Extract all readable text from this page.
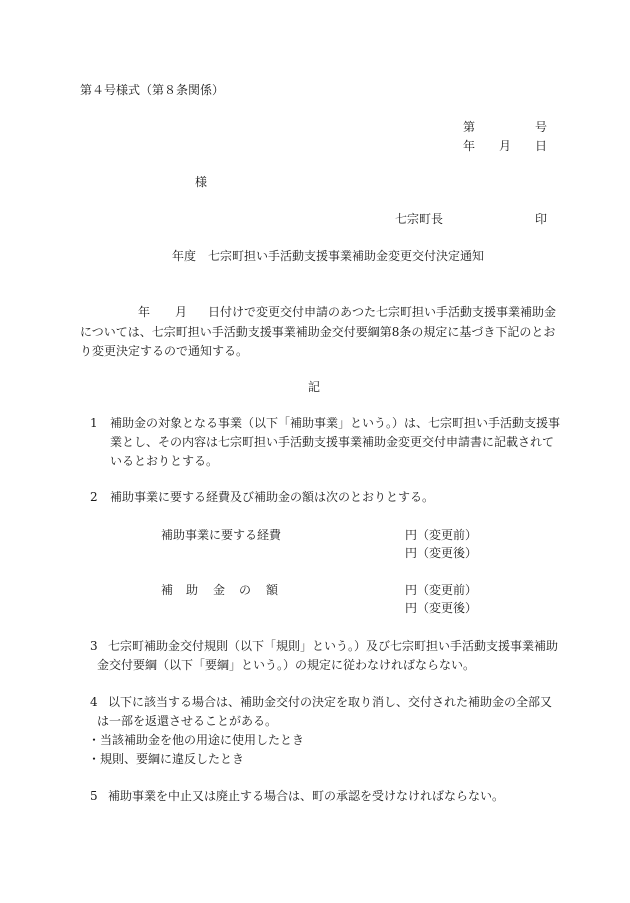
第４号様式（第８条関係）
第	号
年 月 日
様
七宗町長	印
年度 七宗町担い手活動支援事業補助金変更交付決定通知
年 月 日付けで変更交付申請のあつた七宗町担い手活動支援事業補助金
については、七宗町担い手活動支援事業補助金交付要綱第8条の規定に基づき下記のとお
り変更決定するので通知する。
記
1 補助金の対象となる事業（以下「補助事業」という。）は、七宗町担い手活動支援事
業とし、その内容は七宗町担い手活動支援事業補助金変更交付申請書に記載されて
いるとおりとする。
2 補助事業に要する経費及び補助金の額は次のとおりとする。
補助事業に要する経費	円（変更前）
円（変更後）
補 助 金 の 額	円（変更前）
円（変更後）
3 七宗町補助金交付規則（以下「規則」という。）及び七宗町担い手活動支援事業補助
金交付要綱（以下「要綱」という。）の規定に従わなければならない。
4 以下に該当する場合は、補助金交付の決定を取り消し、交付された補助金の全部又
は一部を返還させることがある。
・当該補助金を他の用途に使用したとき
・規則、要綱に違反したとき
5 補助事業を中止又は廃止する場合は、町の承認を受けなければならない。
